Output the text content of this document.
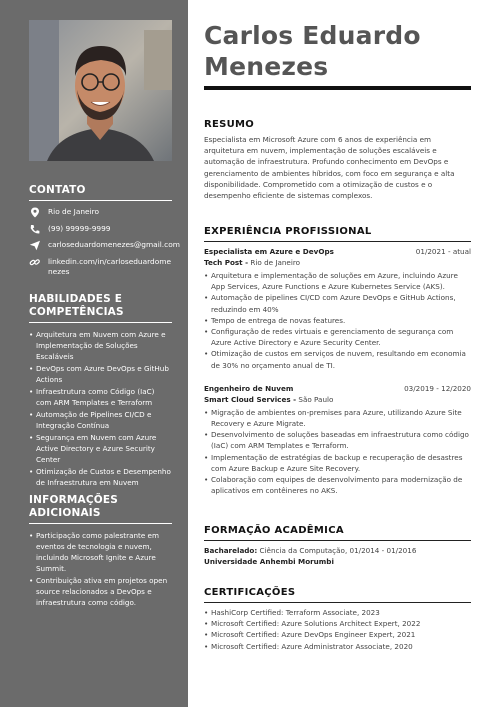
CONTATO
Rio de Janeiro
(99) 99999-9999
carloseduardomenezes@gmail.com
linkedin.com/in/carloseduardomenezes
HABILIDADES E COMPETÊNCIAS
• Arquitetura em Nuvem com Azure e Implementação de Soluções Escaláveis
• DevOps com Azure DevOps e GitHub Actions
• Infraestrutura como Código (IaC) com ARM Templates e Terraform
• Automação de Pipelines CI/CD e Integração Contínua
• Segurança em Nuvem com Azure Active Directory e Azure Security Center
• Otimização de Custos e Desempenho de Infraestrutura em Nuvem
INFORMAÇÕES ADICIONAIS
• Participação como palestrante em eventos de tecnologia e nuvem, incluindo Microsoft Ignite e Azure Summit.
• Contribuição ativa em projetos open source relacionados a DevOps e infraestrutura como código.
Carlos Eduardo
Menezes
RESUMO

Especialista em Microsoft Azure com 6 anos de experiência em arquitetura em nuvem, implementação de soluções escaláveis e automação de infraestrutura. Profundo conhecimento em DevOps e gerenciamento de ambientes híbridos, com foco em segurança e alta disponibilidade. Comprometido com a otimização de custos e o desempenho eficiente de sistemas complexos.

EXPERIÊNCIA PROFISSIONAL
Especialista em Azure e DevOps	01/2021 - atual
Tech Post - Rio de Janeiro
• Arquitetura e implementação de soluções em Azure, incluindo Azure App Services, Azure Functions e Azure Kubernetes Service (AKS).
• Automação de pipelines CI/CD com Azure DevOps e GitHub Actions, reduzindo em 40%
• Tempo de entrega de novas features.
• Configuração de redes virtuais e gerenciamento de segurança com Azure Active Directory e Azure Security Center.
• Otimização de custos em serviços de nuvem, resultando em economia de 30% no orçamento anual de TI.
Engenheiro de Nuvem	03/2019 - 12/2020
Smart Cloud Services - São Paulo
• Migração de ambientes on-premises para Azure, utilizando Azure Site Recovery e Azure Migrate.
• Desenvolvimento de soluções baseadas em infraestrutura como código (IaC) com ARM Templates e Terraform.
• Implementação de estratégias de backup e recuperação de desastres com Azure Backup e Azure Site Recovery.
• Colaboração com equipes de desenvolvimento para modernização de aplicativos em contêineres no AKS.
FORMAÇÃO ACADÊMICA
Bacharelado: Ciência da Computação, 01/2014 - 01/2016
Universidade Anhembi Morumbi
CERTIFICAÇÕES
• HashiCorp Certified: Terraform Associate, 2023
• Microsoft Certified: Azure Solutions Architect Expert, 2022
• Microsoft Certified: Azure DevOps Engineer Expert, 2021
• Microsoft Certified: Azure Administrator Associate, 2020
